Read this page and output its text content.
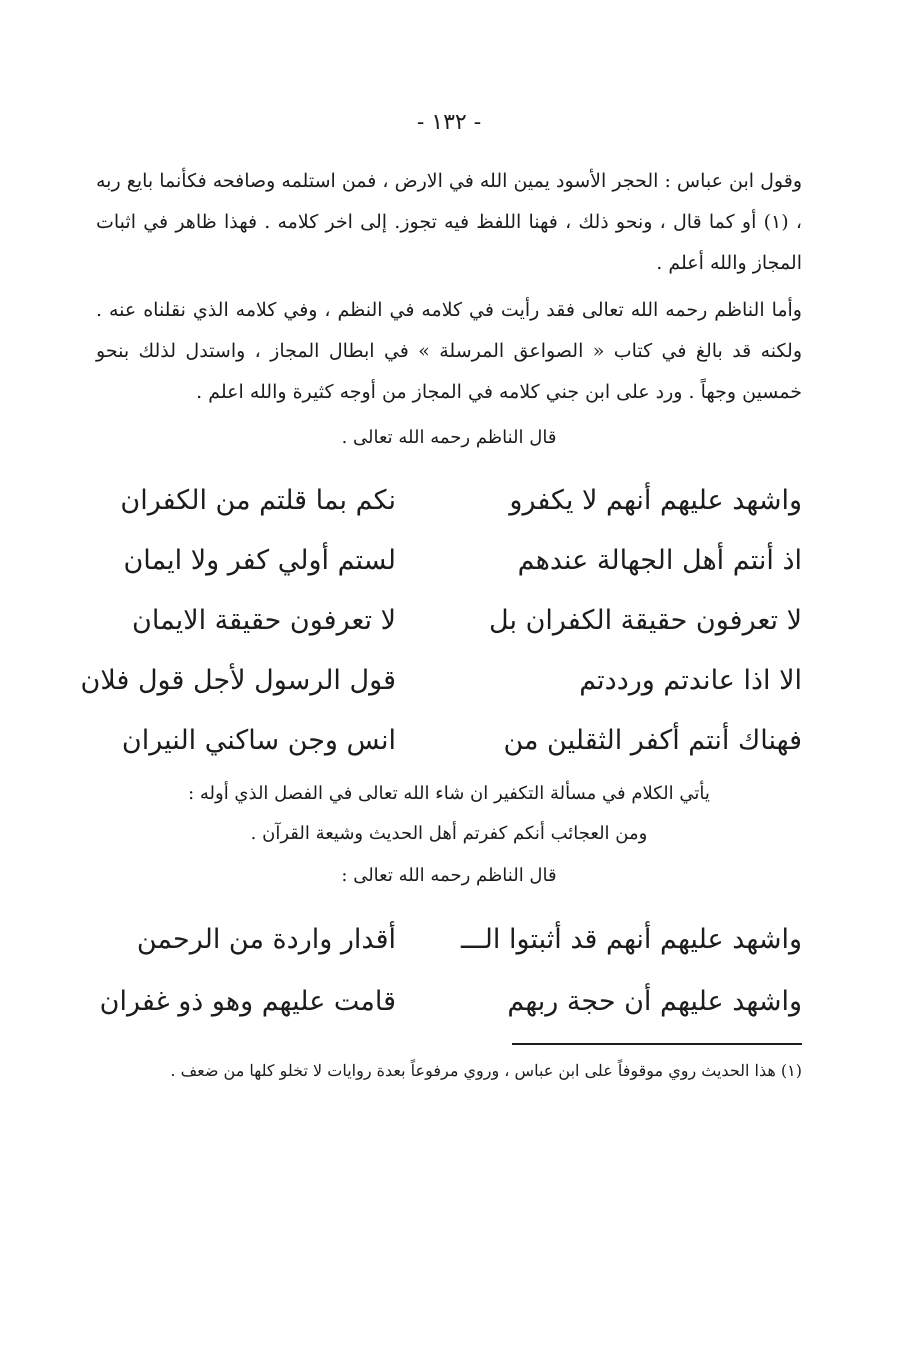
- ١٣٢ -

وقول ابن عباس : الحجر الأسود يمين الله في الارض ، فمن استلمه وصافحه فكأنما بايع ربه ، (١) أو كما قال ، ونحو ذلك ، فهنا اللفظ فيه تجوز. إلى اخر كلامه . فهذا ظاهر في اثبات المجاز والله أعلم .

وأما الناظم رحمه الله تعالى فقد رأيت في كلامه في النظم ، وفي كلامه الذي نقلناه عنه . ولكنه قد بالغ في كتاب « الصواعق المرسلة » في ابطال المجاز ، واستدل لذلك بنحو خمسين وجهاً . ورد على ابن جني كلامه في المجاز من أوجه كثيرة والله اعلم .

قال الناظم رحمه الله تعالى .
واشهد عليهم أنهم لا يكفرو
نكم بما قلتم من الكفران
اذ أنتم أهل الجهالة عندهم
لستم أولي كفر ولا ايمان
لا تعرفون حقيقة الكفران بل
لا تعرفون حقيقة الايمان
الا اذا عاندتم ورددتم
قول الرسول لأجل قول فلان
فهناك أنتم أكفر الثقلين من
انس وجن ساكني النيران
يأتي الكلام في مسألة التكفير ان شاء الله تعالى في الفصل الذي أوله :
ومن العجائب أنكم كفرتم أهل الحديث وشيعة القرآن .
قال الناظم رحمه الله تعالى :
واشهد عليهم أنهم قد أثبتوا الـــ
أقدار واردة من الرحمن
واشهد عليهم أن حجة ربهم
قامت عليهم وهو ذو غفران

(١) هذا الحديث روي موقوفاً على ابن عباس ، وروي مرفوعاً بعدة روايات لا تخلو كلها من ضعف .
